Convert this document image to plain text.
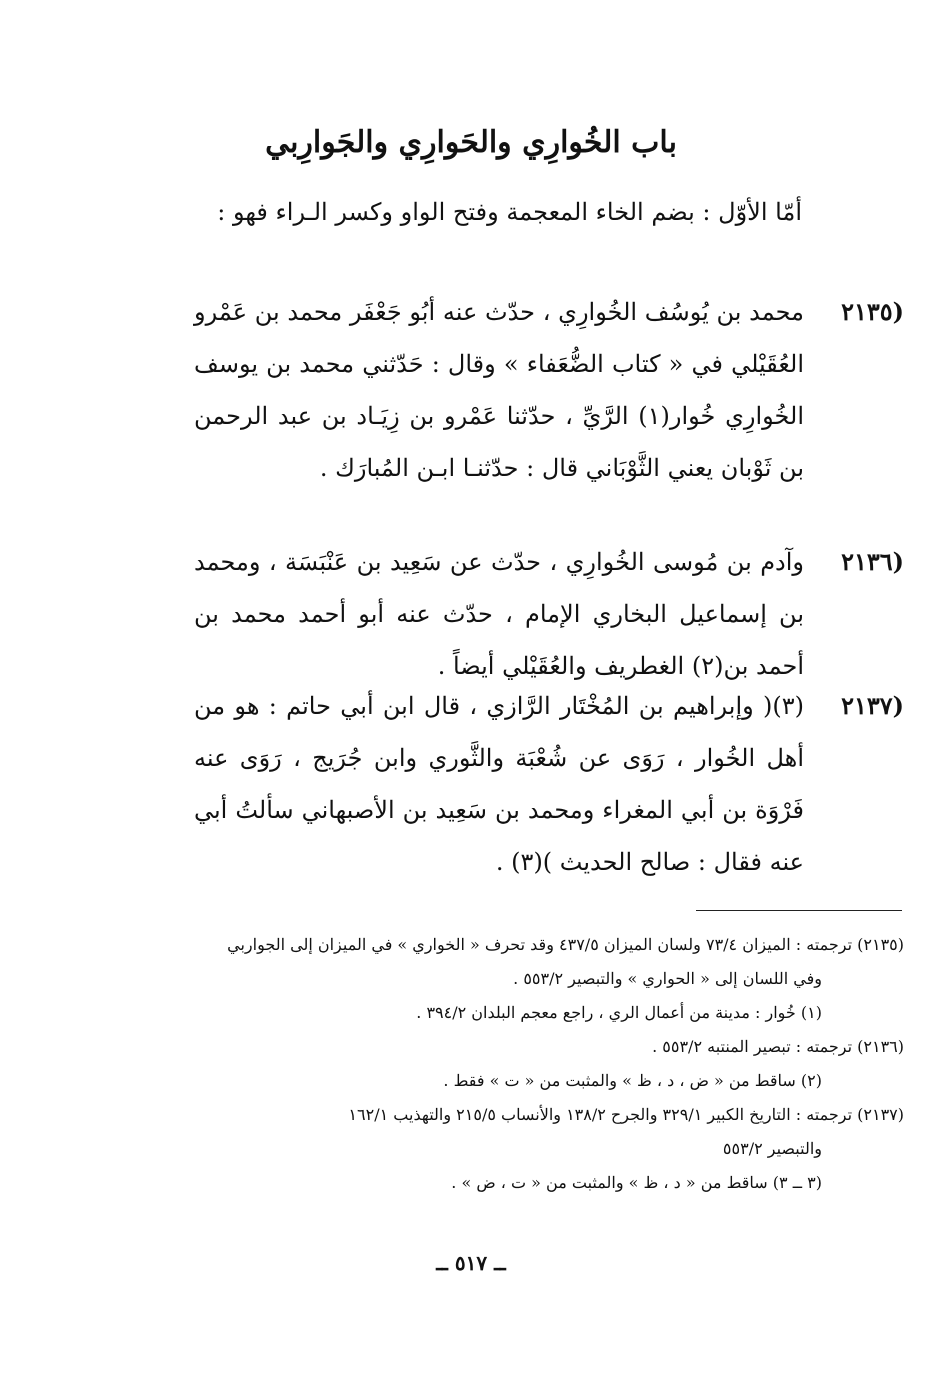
باب الخُوارِي والحَوارِي والجَوارِبي
أمّا الأوّل : بضم الخاء المعجمة وفتح الواو وكسر الـراء فهو :
(٢١٣٥
محمد بن يُوسُف الخُوارِي ، حدّث عنه أبُو جَعْفَر محمد بن عَمْرو العُقَيْلي في « كتاب الضُّعَفاء » وقال : حَدّثني محمد بن يوسف الخُوارِي خُوار(١) الرَّيِّ ، حدّثنا عَمْرو بن زِيَـاد بن عبد الرحمن بن ثَوْبان يعني الثَّوْبَاني قال : حدّثنـا ابـن المُبارَك .
(٢١٣٦
وآدم بن مُوسى الخُوارِي ، حدّث عن سَعِيد بن عَنْبَسَة ، ومحمد بن إسماعيل البخاري الإمام ، حدّث عنه أبو أحمد محمد بن أحمد بن(٢) الغطريف والعُقَيْلي أيضاً .
(٢١٣٧
(٣)( وإبراهيم بن المُخْتَار الرَّازي ، قال ابن أبي حاتم : هو من أهل الخُوار ، رَوَى عن شُعْبَة والثَّوري وابن جُرَيج ، رَوَى عنه فَرْوَة بن أبي المغراء ومحمد بن سَعِيد بن الأصبهاني سألتُ أبي عنه فقال : صالح الحديث )(٣) .
(٢١٣٥) ترجمته : الميزان ٧٣/٤ ولسان الميزان ٤٣٧/٥ وقد تحرف « الخواري » في الميزان إلى الجواربي
وفي اللسان إلى « الحواري » والتبصير ٥٥٣/٢ .
(١) خُوار : مدينة من أعمال الري ، راجع معجم البلدان ٣٩٤/٢ .
(٢١٣٦) ترجمته : تبصير المنتبه ٥٥٣/٢ .
(٢) ساقط من « ض ، د ، ظ » والمثبت من « ت » فقط .
(٢١٣٧) ترجمته : التاريخ الكبير ٣٢٩/١ والجرح ١٣٨/٢ والأنساب ٢١٥/٥ والتهذيب ١٦٢/١
والتبصير ٥٥٣/٢
(٣ ــ ٣) ساقط من « د ، ظ » والمثبت من « ت ، ض » .
ــ ٥١٧ ــ
